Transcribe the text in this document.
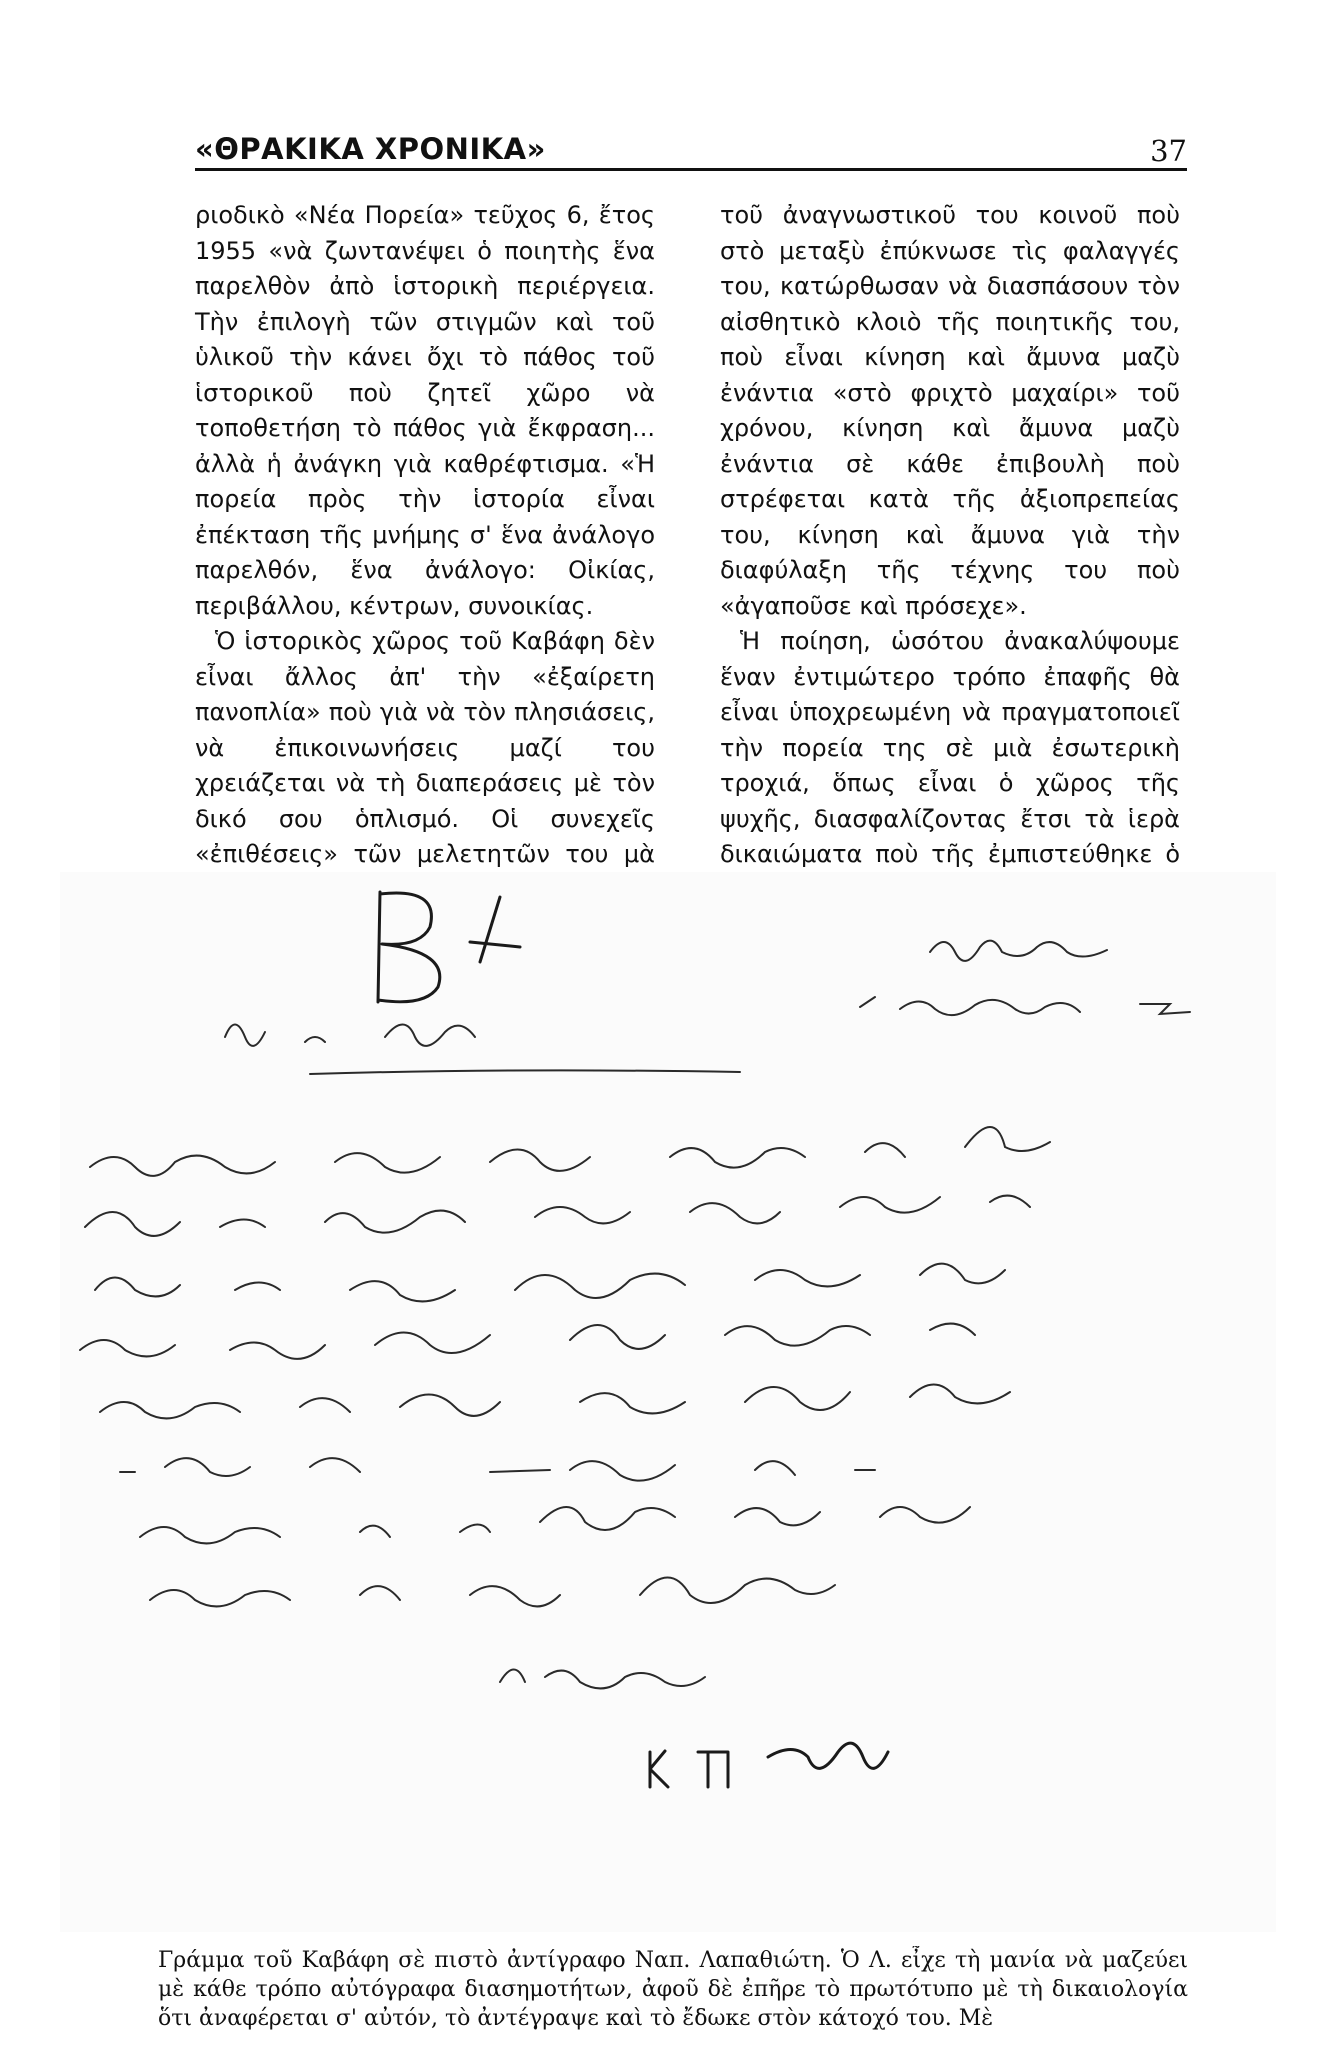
«ΘΡΑΚΙΚΑ ΧΡΟΝΙΚΑ»	37

ριοδικὸ «Νέα Πορεία» τεῦχος 6, ἔτος 1955 «νὰ ζωντανέψει ὁ ποιητὴς ἕνα παρελθὸν ἀπὸ ἱστορικὴ περιέργεια. Τὴν ἐπιλογὴ τῶν στιγμῶν καὶ τοῦ ὑλικοῦ τὴν κάνει ὄχι τὸ πάθος τοῦ ἱστορικοῦ ποὺ ζητεῖ χῶρο νὰ τοποθετήση τὸ πάθος γιὰ ἔκφραση... ἀλλὰ ἡ ἀνάγκη γιὰ καθρέφτισμα. «Ἡ πορεία πρὸς τὴν ἱστορία εἶναι ἐπέκταση τῆς μνήμης σ' ἕνα ἀνάλογο παρελθόν, ἕνα ἀνάλογο: Οἰκίας, περιβάλλου, κέντρων, συνοικίας.

Ὁ ἱστορικὸς χῶρος τοῦ Καβάφη δὲν εἶναι ἄλλος ἀπ' τὴν «ἐξαίρετη πανοπλία» ποὺ γιὰ νὰ τὸν πλησιάσεις, νὰ ἐπικοινωνήσεις μαζί του χρειάζεται νὰ τὴ διαπεράσεις μὲ τὸν δικό σου ὁπλισμό. Οἱ συνεχεῖς «ἐπιθέσεις» τῶν μελετητῶν του μὰ

τοῦ ἀναγνωστικοῦ του κοινοῦ ποὺ στὸ μεταξὺ ἐπύκνωσε τὶς φαλαγγές του, κατώρθωσαν νὰ διασπάσουν τὸν αἰσθητικὸ κλοιὸ τῆς ποιητικῆς του, ποὺ εἶναι κίνηση καὶ ἄμυνα μαζὺ ἐνάντια «στὸ φριχτὸ μαχαίρι» τοῦ χρόνου, κίνηση καὶ ἄμυνα μαζὺ ἐνάντια σὲ κάθε ἐπιβουλὴ ποὺ στρέφεται κατὰ τῆς ἀξιοπρεπείας του, κίνηση καὶ ἄμυνα γιὰ τὴν διαφύλαξη τῆς τέχνης του ποὺ «ἀγαποῦσε καὶ πρόσεχε».

Ἡ ποίηση, ὡσότου ἀνακαλύψουμε ἕναν ἐντιμώτερο τρόπο ἐπαφῆς θὰ εἶναι ὑποχρεωμένη νὰ πραγματοποιεῖ τὴν πορεία της σὲ μιὰ ἐσωτερικὴ τροχιά, ὅπως εἶναι ὁ χῶρος τῆς ψυχῆς, διασφαλίζοντας ἔτσι τὰ ἱερὰ δικαιώματα ποὺ τῆς ἐμπιστεύθηκε ὁ

Γράμμα τοῦ Καβάφη σὲ πιστὸ ἀντίγραφο Ναπ. Λαπαθιώτη. Ὁ Λ. εἶχε τὴ μανία νὰ μαζεύει μὲ κάθε τρόπο αὐτόγραφα διασημοτήτων, ἀφοῦ δὲ ἐπῆρε τὸ πρωτότυπο μὲ τὴ δικαιολογία ὅτι ἀναφέρεται σ' αὐτόν, τὸ ἀντέγραψε καὶ τὸ ἔδωκε στὸν κάτοχό του. Μὲ
